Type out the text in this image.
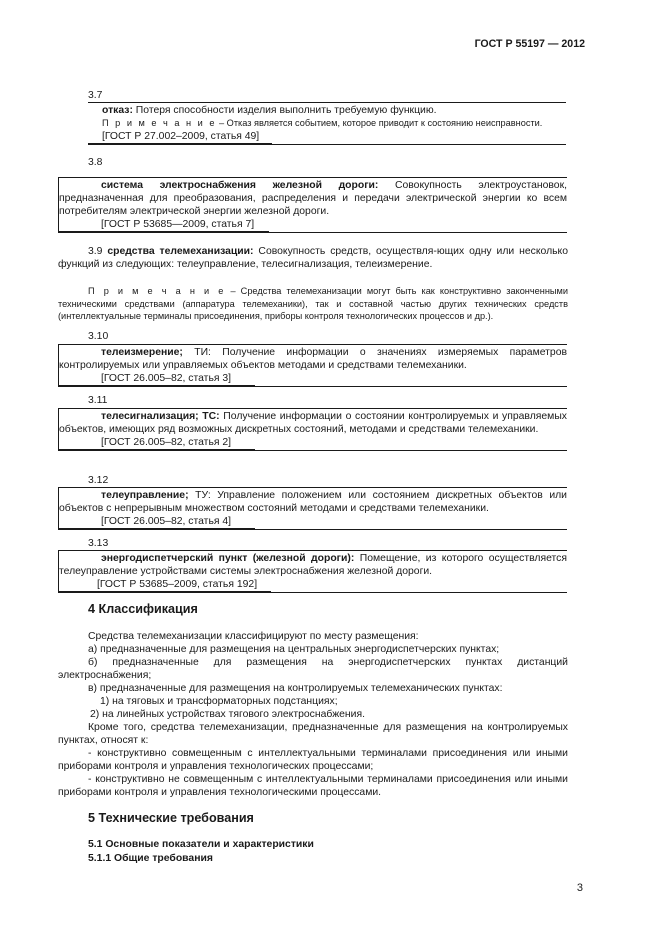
ГОСТ Р 55197 — 2012
3.7
отказ: Потеря способности изделия выполнить требуемую функцию.
П р и м е ч а н и е – Отказ является событием, которое приводит к состоянию неисправности.
[ГОСТ Р 27.002–2009, статья 49]
3.8
система электроснабжения железной дороги: Совокупность электроустановок, предназначенная для преобразования, распределения и передачи электрической энергии ко всем потребителям электрической энергии железной дороги.
[ГОСТ Р 53685—2009, статья 7]
3.9 средства телемеханизации: Совокупность средств, осуществля-ющих одну или несколько функций из следующих: телеуправление, телесигнализация, телеизмерение.
П р и м е ч а н и е – Средства телемеханизации могут быть как конструктивно законченными техническими средствами (аппаратура телемеханики), так и составной частью других технических средств (интеллектуальные терминалы присоединения, приборы контроля технологических процессов и др.).
3.10
телеизмерение; ТИ: Получение информации о значениях измеряемых параметров контролируемых или управляемых объектов методами и средствами телемеханики.
[ГОСТ 26.005–82, статья 3]
3.11
телесигнализация; ТС: Получение информации о состоянии контролируемых и управляемых объектов, имеющих ряд возможных дискретных состояний, методами и средствами телемеханики.
[ГОСТ 26.005–82, статья 2]
3.12
телеуправление; ТУ: Управление положением или состоянием дискретных объектов или объектов с непрерывным множеством состояний методами и средствами телемеханики.
[ГОСТ 26.005–82, статья 4]
3.13
энергодиспетчерский пункт (железной дороги): Помещение, из которого осуществляется телеуправление устройствами системы электроснабжения железной дороги.
[ГОСТ Р 53685–2009, статья 192]
4 Классификация
Средства телемеханизации классифицируют по месту размещения:
а) предназначенные для размещения на центральных энергодиспетчерских пунктах;
б) предназначенные для размещения на энергодиспетчерских пунктах дистанций электроснабжения;
в) предназначенные для размещения на контролируемых телемеханических пунктах:
1) на тяговых и трансформаторных подстанциях;
2) на линейных устройствах тягового электроснабжения.
Кроме того, средства телемеханизации, предназначенные для размещения на контролируемых пунктах, относят к:
- конструктивно совмещенным с интеллектуальными терминалами присоединения или иными приборами контроля и управления технологических процессами;
- конструктивно не совмещенным с интеллектуальными терминалами присоединения или иными приборами контроля и управления технологическими процессами.
5 Технические требования
5.1 Основные показатели и характеристики
5.1.1 Общие требования
3
